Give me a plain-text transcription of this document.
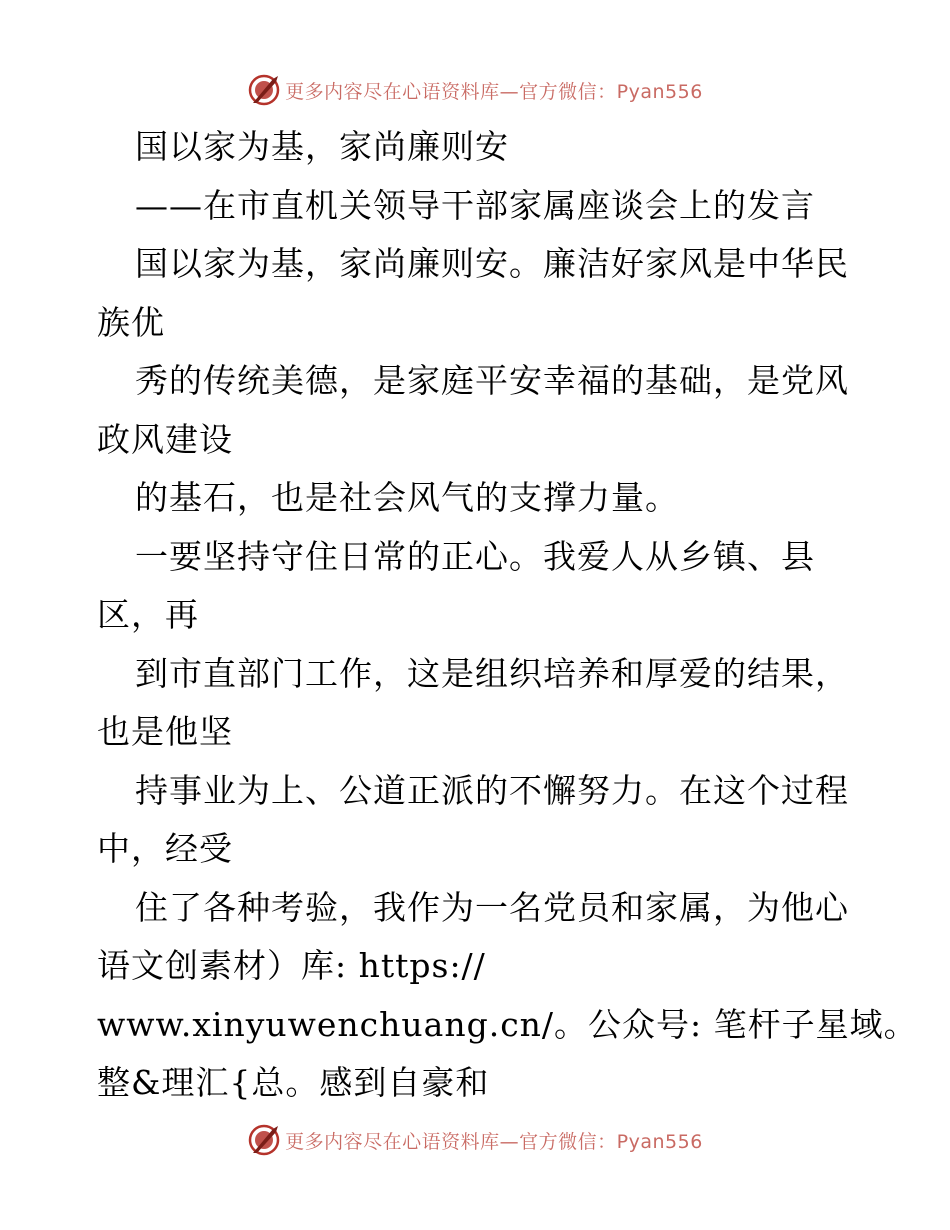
更多内容尽在心语资料库—官方微信：Pyan556
国以家为基，家尚廉则安
——在市直机关领导干部家属座谈会上的发言
国以家为基，家尚廉则安。廉洁好家风是中华民
族优
秀的传统美德，是家庭平安幸福的基础，是党风
政风建设
的基石，也是社会风气的支撑力量。
一要坚持守住日常的正心。我爱人从乡镇、县
区，再
到市直部门工作，这是组织培养和厚爱的结果，
也是他坚
持事业为上、公道正派的不懈努力。在这个过程
中，经受
住了各种考验，我作为一名党员和家属，为他心
语文创素材）库: https://
www.xinyuwenchuang.cn/。公众号: 笔杆子星域。
整&理汇{总。感到自豪和
更多内容尽在心语资料库—官方微信：Pyan556
